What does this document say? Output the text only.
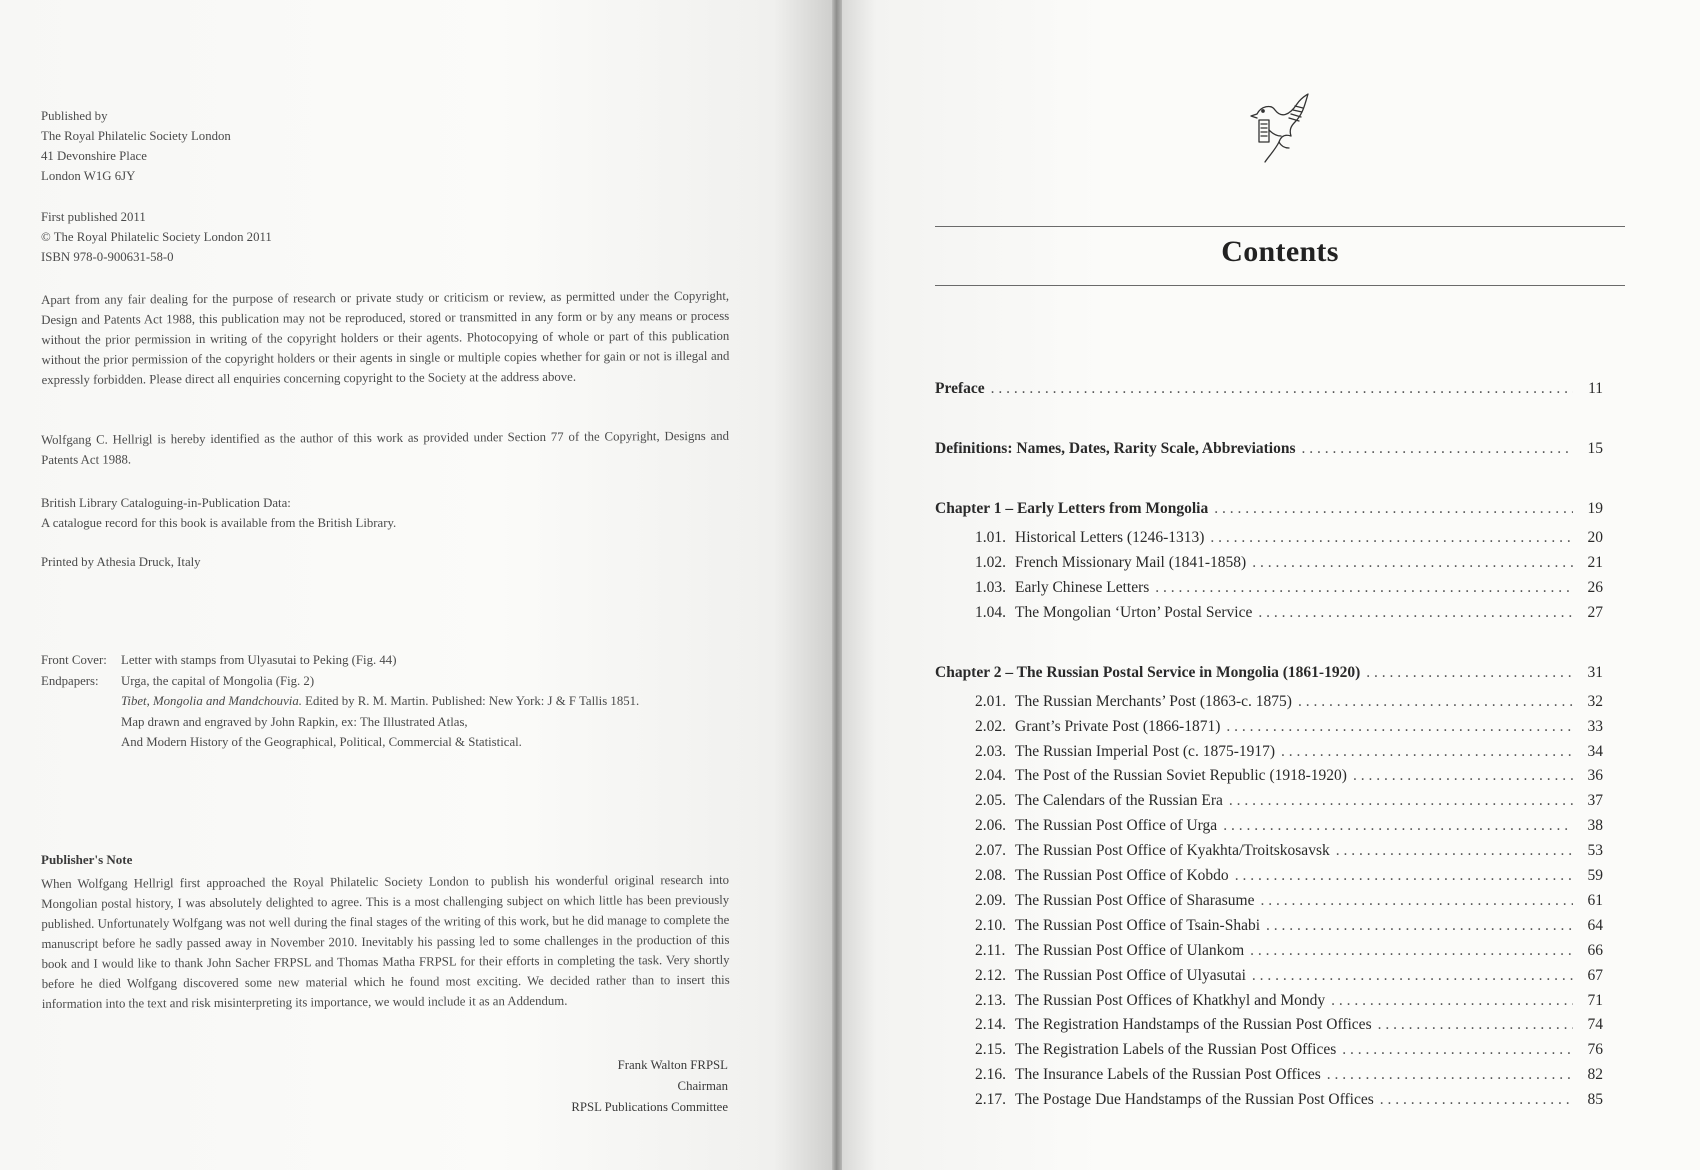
Published by

The Royal Philatelic Society London

41 Devonshire Place

London W1G 6JY

First published 2011

© The Royal Philatelic Society London 2011

ISBN 978-0-900631-58-0

Apart from any fair dealing for the purpose of research or private study or criticism or review, as permitted under the Copyright, Design and Patents Act 1988, this publication may not be reproduced, stored or transmitted in any form or by any means or process without the prior permission in writing of the copyright holders or their agents. Photocopying of whole or part of this publication without the prior permission of the copyright holders or their agents in single or multiple copies whether for gain or not is illegal and expressly forbidden. Please direct all enquiries concerning copyright to the Society at the address above.

Wolfgang C. Hellrigl is hereby identified as the author of this work as provided under Section 77 of the Copyright, Designs and Patents Act 1988.

British Library Cataloguing-in-Publication Data:

A catalogue record for this book is available from the British Library.

Printed by Athesia Druck, Italy

Front Cover:	Letter with stamps from Ulyasutai to Peking (Fig. 44)
Endpapers:	Urga, the capital of Mongolia (Fig. 2)
	Tibet, Mongolia and Mandchouvia. Edited by R. M. Martin. Published: New York: J & F Tallis 1851.
	Map drawn and engraved by John Rapkin, ex: The Illustrated Atlas,
	And Modern History of the Geographical, Political, Commercial & Statistical.
Publisher's Note

When Wolfgang Hellrigl first approached the Royal Philatelic Society London to publish his wonderful original research into Mongolian postal history, I was absolutely delighted to agree. This is a most challenging subject on which little has been previously published. Unfortunately Wolfgang was not well during the final stages of the writing of this work, but he did manage to complete the manuscript before he sadly passed away in November 2010. Inevitably his passing led to some challenges in the production of this book and I would like to thank John Sacher FRPSL and Thomas Matha FRPSL for their efforts in completing the task. Very shortly before he died Wolfgang discovered some new material which he found most exciting. We decided rather than to insert this information into the text and risk misinterpreting its importance, we would include it as an Addendum.

Frank Walton FRPSL

Chairman

RPSL Publications Committee

Contents
Preface . . .	11
Definitions: Names, Dates, Rarity Scale, Abbreviations . . .	15
Chapter 1 – Early Letters from Mongolia . . .	19
1.01. Historical Letters (1246-1313) . . .	20
1.02. French Missionary Mail (1841-1858) . . .	21
1.03. Early Chinese Letters . . .	26
1.04. The Mongolian ‘Urton’ Postal Service . . .	27
Chapter 2 – The Russian Postal Service in Mongolia (1861-1920) . . .	31
2.01. The Russian Merchants’ Post (1863-c. 1875) . . .	32
2.02. Grant’s Private Post (1866-1871) . . .	33
2.03. The Russian Imperial Post (c. 1875-1917) . . .	34
2.04. The Post of the Russian Soviet Republic (1918-1920) . . .	36
2.05. The Calendars of the Russian Era . . .	37
2.06. The Russian Post Office of Urga . . .	38
2.07. The Russian Post Office of Kyakhta/Troitskosavsk . . .	53
2.08. The Russian Post Office of Kobdo . . .	59
2.09. The Russian Post Office of Sharasume . . .	61
2.10. The Russian Post Office of Tsain-Shabi . . .	64
2.11. The Russian Post Office of Ulankom . . .	66
2.12. The Russian Post Office of Ulyasutai . . .	67
2.13. The Russian Post Offices of Khatkhyl and Mondy . . .	71
2.14. The Registration Handstamps of the Russian Post Offices . . .	74
2.15. The Registration Labels of the Russian Post Offices . . .	76
2.16. The Insurance Labels of the Russian Post Offices . . .	82
2.17. The Postage Due Handstamps of the Russian Post Offices . . .	85
